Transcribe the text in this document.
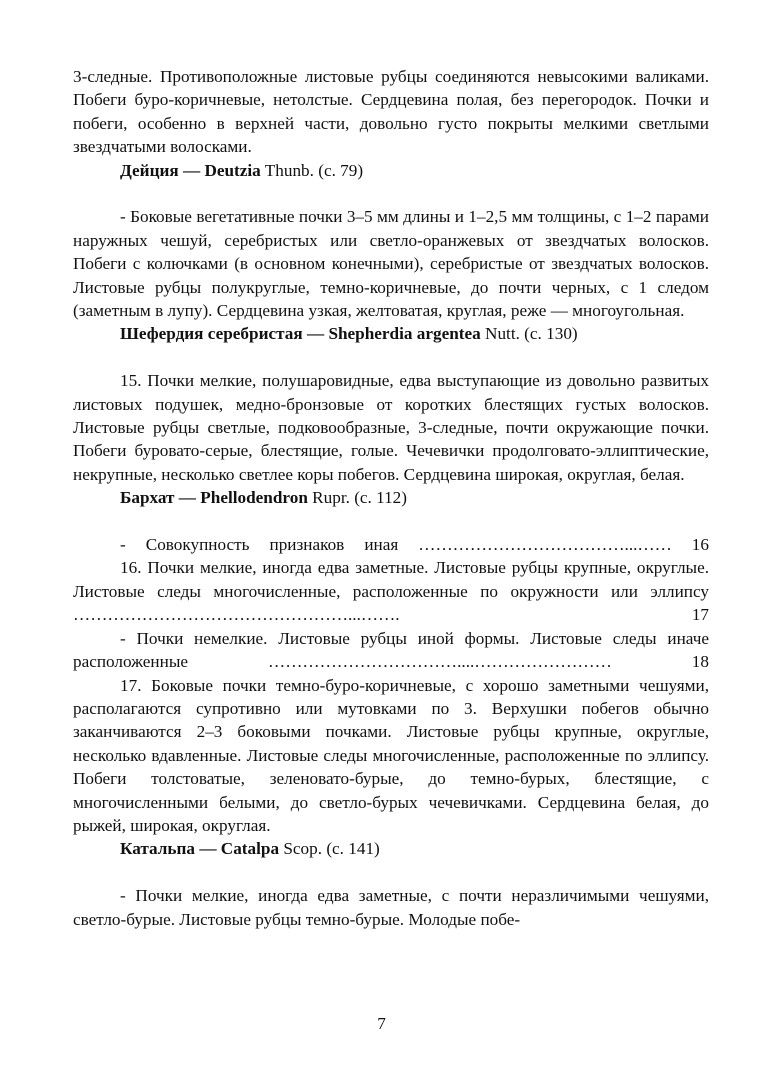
3-следные. Противоположные листовые рубцы соединяются невысокими валиками. Побеги буро-коричневые, нетолстые. Сердцевина полая, без перегородок. Почки и побеги, особенно в верхней части, довольно густо покрыты мелкими светлыми звездчатыми волосками.

Дейция — Deutzia Thunb. (с. 79)

- Боковые вегетативные почки 3–5 мм длины и 1–2,5 мм толщины, с 1–2 парами наружных чешуй, серебристых или светло-оранжевых от звездчатых волосков. Побеги с колючками (в основном конечными), серебристые от звездчатых волосков. Листовые рубцы полукруглые, темно-коричневые, до почти черных, с 1 следом (заметным в лупу). Сердцевина узкая, желтоватая, круглая, реже — многоугольная.

Шефердия серебристая — Shepherdia argentea Nutt. (с. 130)

15. Почки мелкие, полушаровидные, едва выступающие из довольно развитых листовых подушек, медно-бронзовые от коротких блестящих густых волосков. Листовые рубцы светлые, подковообразные, 3-следные, почти окружающие почки. Побеги буровато-серые, блестящие, голые. Чечевички продолговато-эллиптические, некрупные, несколько светлее коры побегов. Сердцевина широкая, округлая, белая.

Бархат — Phellodendron Rupr. (с. 112)

- Совокупность признаков иная ………………………………...…… 16

16. Почки мелкие, иногда едва заметные. Листовые рубцы крупные, округлые. Листовые следы многочисленные, расположенные по окружности или эллипсу …………………………………………...……. 17

- Почки немелкие. Листовые рубцы иной формы. Листовые следы иначе расположенные ……………………………....…………………… 18

17. Боковые почки темно-буро-коричневые, с хорошо заметными чешуями, располагаются супротивно или мутовками по 3. Верхушки побегов обычно заканчиваются 2–3 боковыми почками. Листовые рубцы крупные, округлые, несколько вдавленные. Листовые следы многочисленные, расположенные по эллипсу. Побеги толстоватые, зеленовато-бурые, до темно-бурых, блестящие, с многочисленными белыми, до светло-бурых чечевичками. Сердцевина белая, до рыжей, широкая, округлая.

Катальпа — Catalpa Scop. (с. 141)

- Почки мелкие, иногда едва заметные, с почти неразличимыми чешуями, светло-бурые. Листовые рубцы темно-бурые. Молодые побе-

7
